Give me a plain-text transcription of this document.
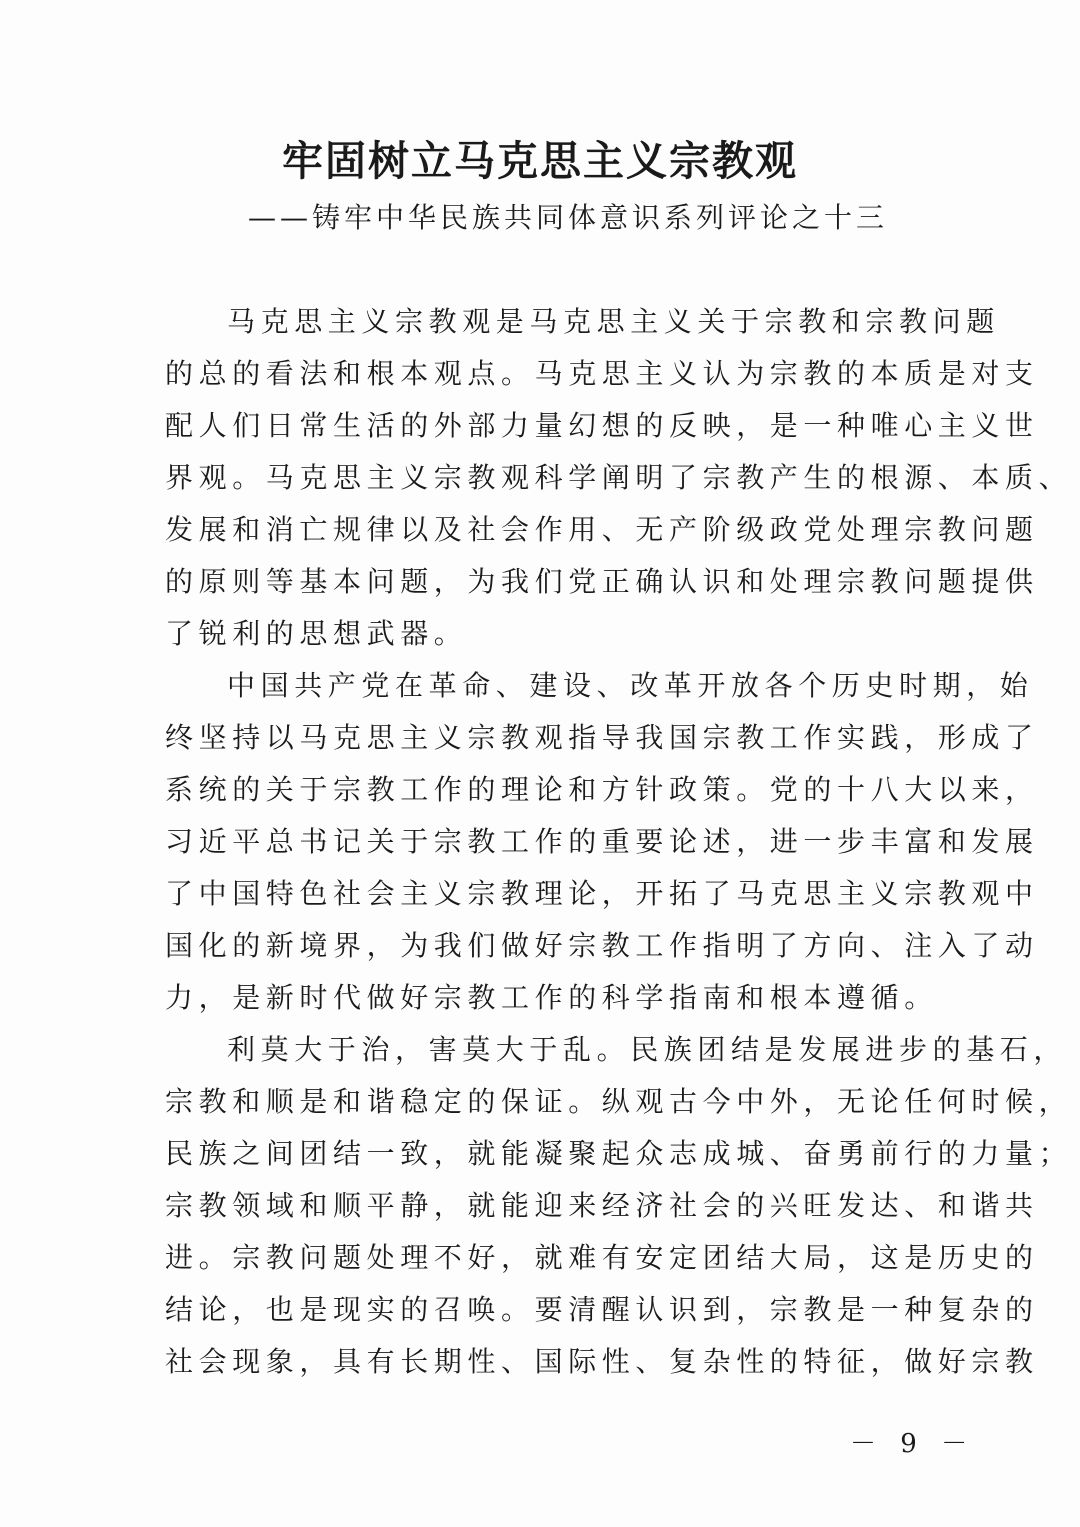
牢固树立马克思主义宗教观
——铸牢中华民族共同体意识系列评论之十三
马克思主义宗教观是马克思主义关于宗教和宗教问题
的总的看法和根本观点。马克思主义认为宗教的本质是对支
配人们日常生活的外部力量幻想的反映，是一种唯心主义世
界观。马克思主义宗教观科学阐明了宗教产生的根源、本质、
发展和消亡规律以及社会作用、无产阶级政党处理宗教问题
的原则等基本问题，为我们党正确认识和处理宗教问题提供
了锐利的思想武器。
中国共产党在革命、建设、改革开放各个历史时期，始
终坚持以马克思主义宗教观指导我国宗教工作实践，形成了
系统的关于宗教工作的理论和方针政策。党的十八大以来，
习近平总书记关于宗教工作的重要论述，进一步丰富和发展
了中国特色社会主义宗教理论，开拓了马克思主义宗教观中
国化的新境界，为我们做好宗教工作指明了方向、注入了动
力，是新时代做好宗教工作的科学指南和根本遵循。
利莫大于治，害莫大于乱。民族团结是发展进步的基石，
宗教和顺是和谐稳定的保证。纵观古今中外，无论任何时候，
民族之间团结一致，就能凝聚起众志成城、奋勇前行的力量；
宗教领域和顺平静，就能迎来经济社会的兴旺发达、和谐共
进。宗教问题处理不好，就难有安定团结大局，这是历史的
结论，也是现实的召唤。要清醒认识到，宗教是一种复杂的
社会现象，具有长期性、国际性、复杂性的特征，做好宗教
－ 9 －
